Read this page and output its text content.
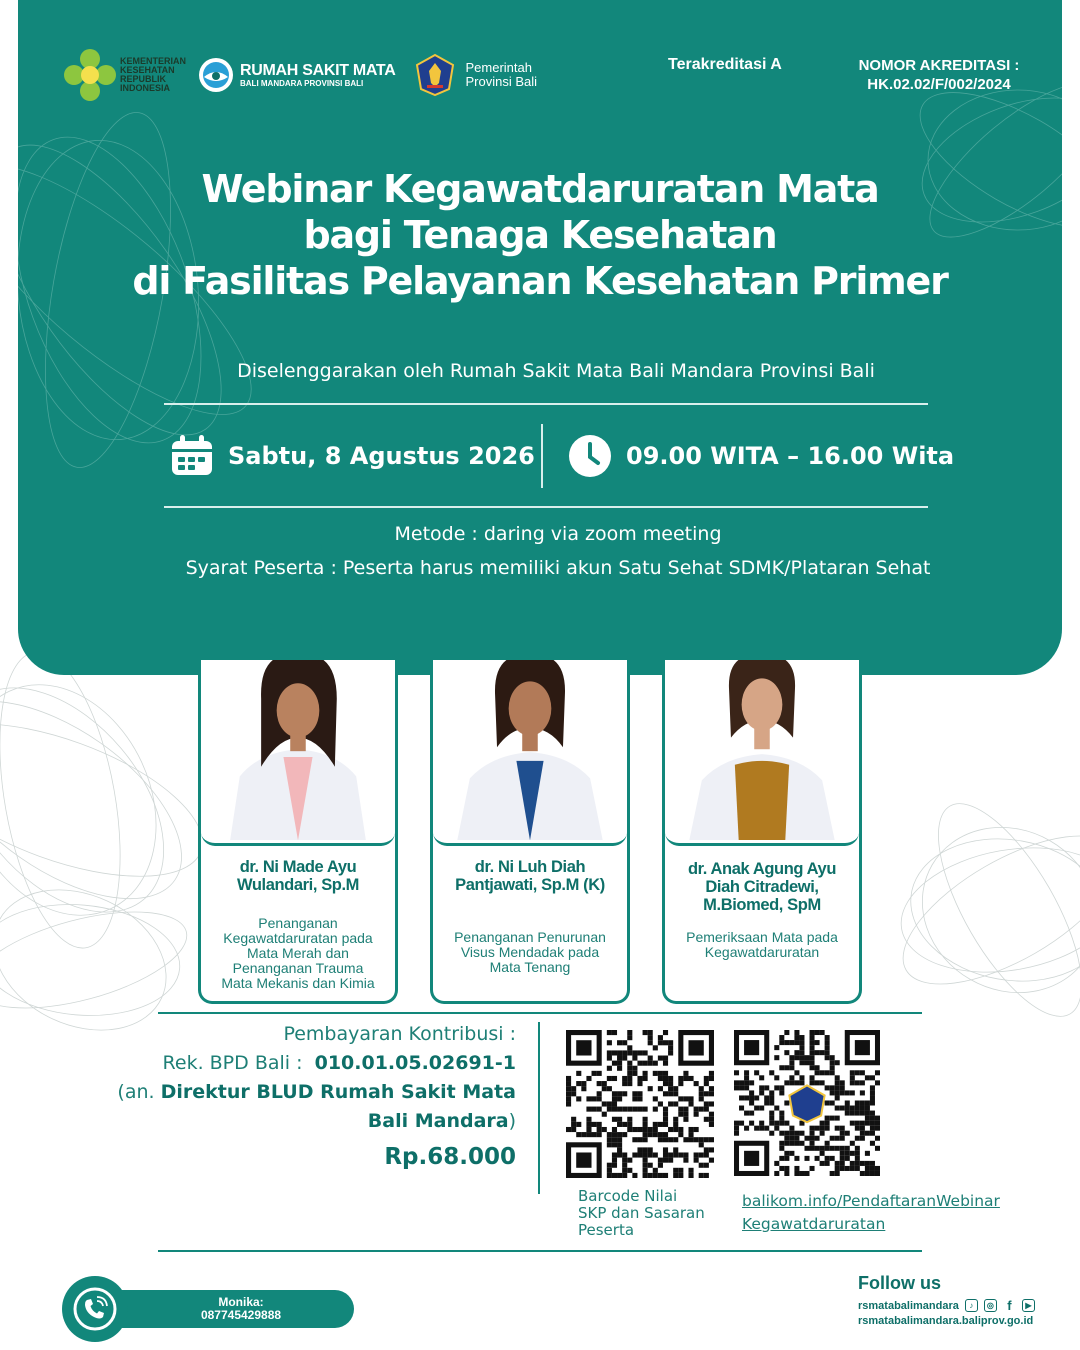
KEMENTERIAN
KESEHATAN
REPUBLIK
INDONESIA
RUMAH SAKIT MATA
BALI MANDARA PROVINSI BALI
Pemerintah
Provinsi Bali
Terakreditasi A	NOMOR AKREDITASI :
HK.02.02/F/002/2024
Webinar Kegawatdaruratan Mata
bagi Tenaga Kesehatan
di Fasilitas Pelayanan Kesehatan Primer
Diselenggarakan oleh Rumah Sakit Mata Bali Mandara Provinsi Bali
Sabtu, 8 Agustus 2026	09.00 WITA – 16.00 Wita
Metode : daring via zoom meeting
Syarat Peserta : Peserta harus memiliki akun Satu Sehat SDMK/Plataran Sehat
dr. Ni Made Ayu
Wulandari, Sp.M
Penanganan
Kegawatdaruratan pada
Mata Merah dan
Penanganan Trauma
Mata Mekanis dan Kimia
dr. Ni Luh Diah
Pantjawati, Sp.M (K)
Penanganan Penurunan
Visus Mendadak pada
Mata Tenang
dr. Anak Agung Ayu
Diah Citradewi,
M.Biomed, SpM
Pemeriksaan Mata pada
Kegawatdaruratan
Pembayaran Kontribusi :
Rek. BPD Bali : 010.01.05.02691-1
(an. Direktur BLUD Rumah Sakit Mata
Bali Mandara)
Rp.68.000
Barcode Nilai
SKP dan Sasaran
Peserta
balikom.info/PendaftaranWebinar
Kegawatdaruratan
Monika:
087745429888
Follow us
rsmatabalimandara	♪	◎	f	▶
rsmatabalimandara.baliprov.go.id
